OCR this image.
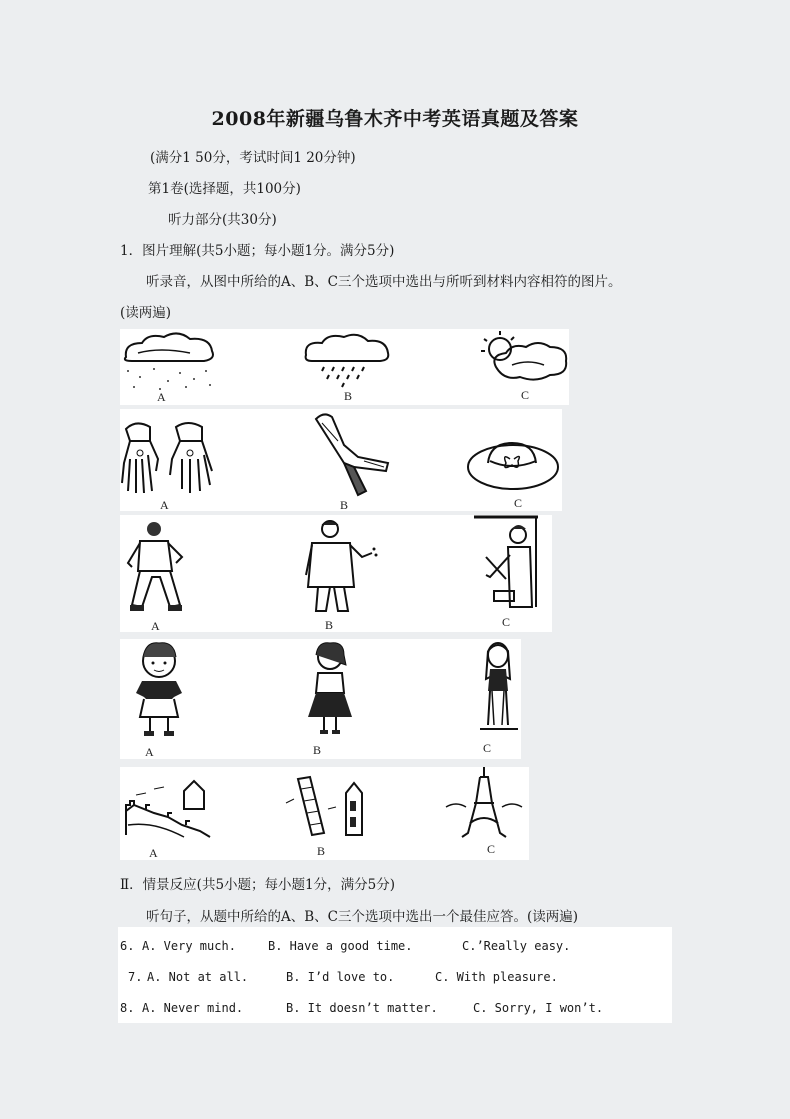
2008年新疆乌鲁木齐中考英语真题及答案
(满分1 50分，考试时间1 20分钟)
第1卷(选择题，共100分)
听力部分(共30分)
1．图片理解(共5小题；每小题1分。满分5分)
听录音，从图中所给的A、B、C三个选项中选出与所听到材料内容相符的图片。
(读两遍)
A	B	C
A	B	C
A	B	C
A	B	C
A	B	C
Ⅱ．情景反应(共5小题；每小题1分，满分5分)
听句子，从题中所给的A、B、C三个选项中选出一个最佳应答。(读两遍)
6. A. Very much.	B. Have a good time.	C.’Really easy.
7. A. Not at all.	B. I’d love to.	C. With pleasure.
8. A. Never mind.	B. It doesn’t matter.	C. Sorry, I won’t.
